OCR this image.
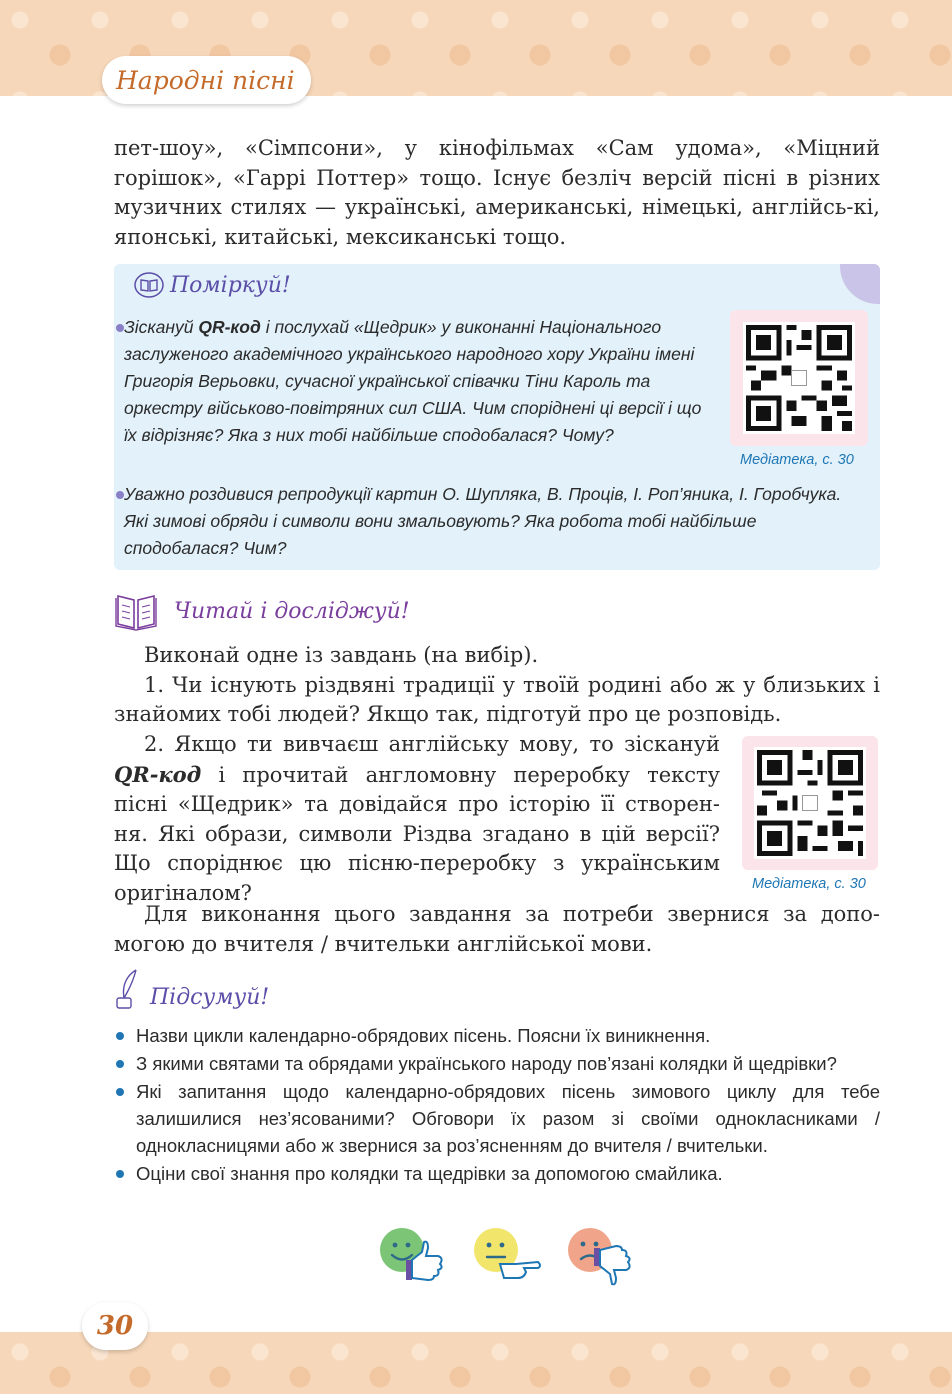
Народні пісні

пет-шоу», «Сімпсони», у кінофільмах «Сам удома», «Міцний горішок», «Гаррі Поттер» тощо. Існує безліч версій пісні в різних музичних стилях — українські, американські, німецькі, англійсь-кі, японські, китайські, мексиканські тощо.

Поміркуй!
Зіскануй QR-код і послухай «Щедрик» у виконанні Національного заслуженого академічного українського народного хору України імені Григорія Верьовки, сучасної української співачки Тіни Кароль та оркестру військово-повітряних сил США. Чим споріднені ці версії і що їх відрізняє? Яка з них тобі найбільше сподобалася? Чому?
Медіатека, с. 30
Уважно роздивися репродукції картин О. Шупляка, В. Проців, І. Роп’яника, І. Горобчука. Які зимові обряди і символи вони змальовують? Яка робота тобі найбільше сподобалася? Чим?
Читай і досліджуй!

Виконай одне із завдань (на вибір).

1. Чи існують різдвяні традиції у твоїй родині або ж у близьких і знайомих тобі людей? Якщо так, підготуй про це розповідь.

2. Якщо ти вивчаєш англійську мову, то зіскануй QR-код і прочитай англомовну переробку тексту пісні «Щедрик» та довідайся про історію її створен-ня. Які образи, символи Різдва згадано в цій версії? Що споріднює цю пісню-переробку з українським оригіналом?	Медіатека, с. 30

Для виконання цього завдання за потреби звернися за допо-могою до вчителя / вчительки англійської мови.

Підсумуй!
Назви цикли календарно-обрядових пісень. Поясни їх виникнення.
З якими святами та обрядами українського народу пов’язані колядки й щедрівки?
Які запитання щодо календарно-обрядових пісень зимового циклу для тебе залишилися нез’ясованими? Обговори їх разом зі своїми однокласниками / однокласницями або ж звернися за роз’ясненням до вчителя / вчительки.
Оціни свої знання про колядки та щедрівки за допомогою смайлика.
30
